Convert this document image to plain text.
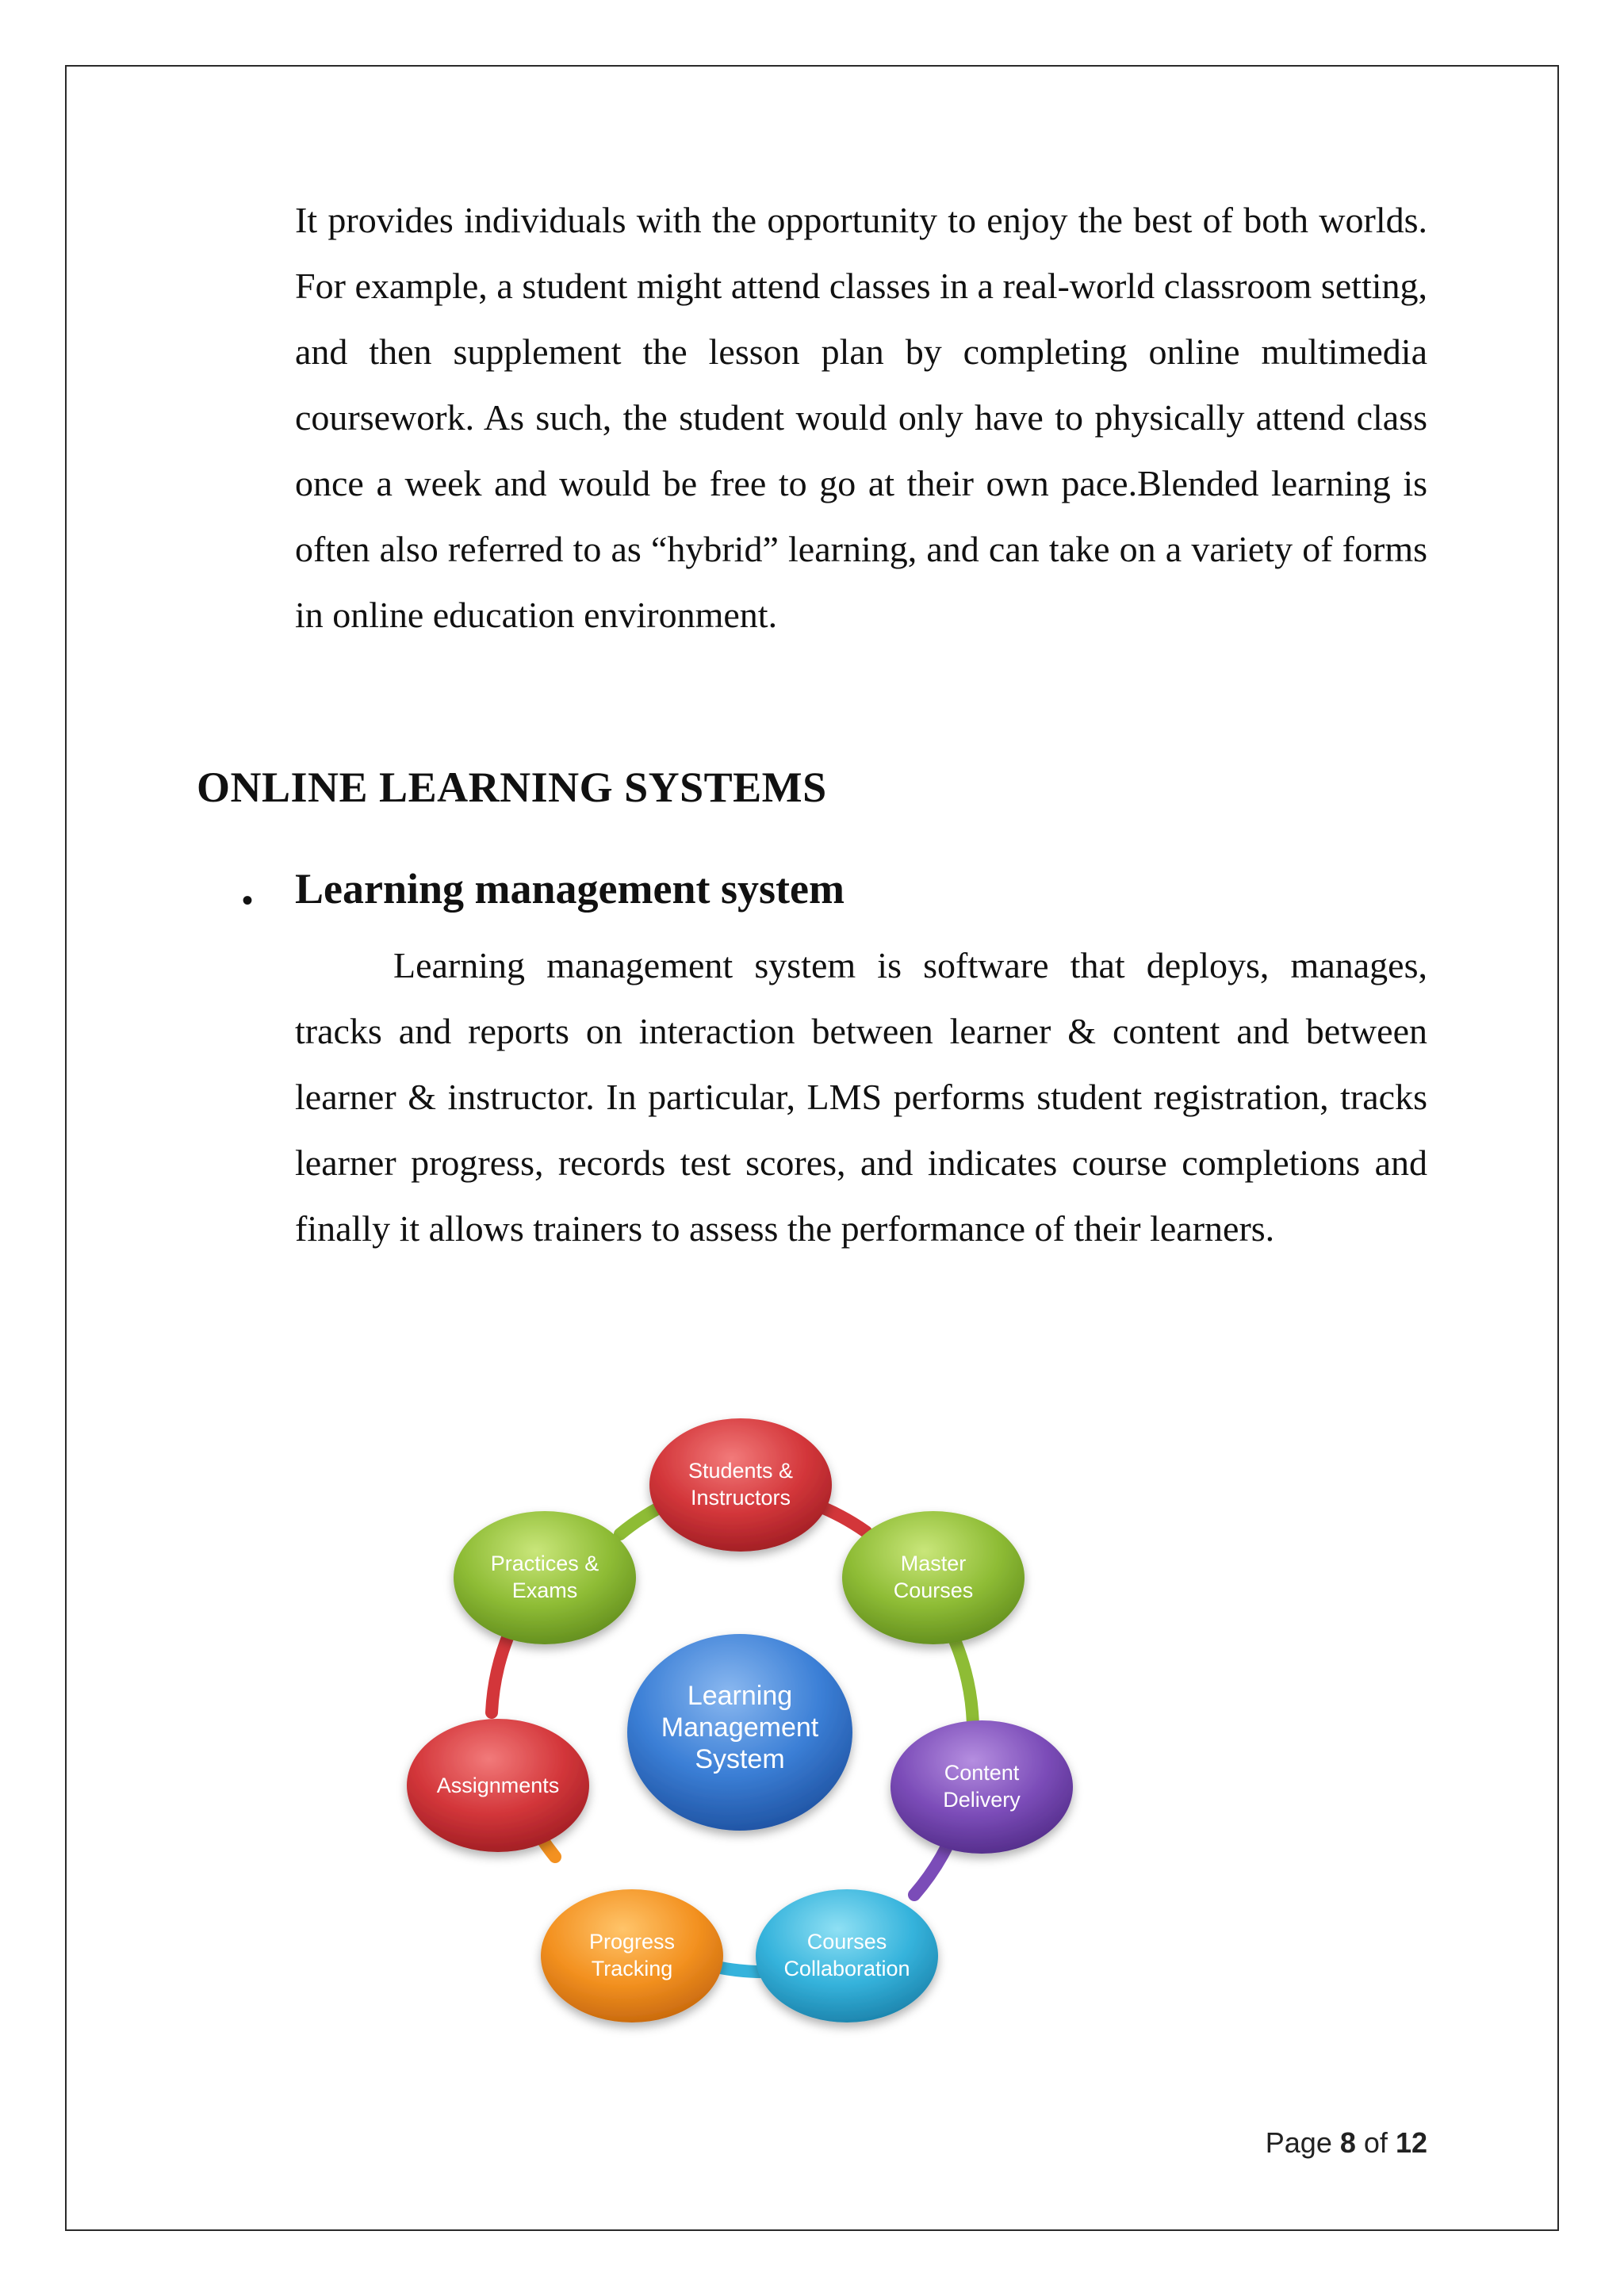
It provides individuals with the opportunity to enjoy the best of both worlds. For example, a student might attend classes in a real-world classroom setting, and then supplement the lesson plan by completing online multimedia coursework. As such, the student would only have to physically attend class once a week and would be free to go at their own pace.Blended learning is often also referred to as “hybrid” learning, and can take on a variety of forms in online education environment.

ONLINE LEARNING SYSTEMS
• Learning management system

Learning management system is software that deploys, manages, tracks and reports on interaction between learner & content and between learner & instructor. In particular, LMS performs student registration, tracks learner progress, records test scores, and indicates course completions and finally it allows trainers to assess the performance of their learners.

Students &
Instructors
Master
Courses
Content
Delivery
Courses
Collaboration
Progress
Tracking
Assignments
Practices &
Exams
Learning
Management
System
Page 8 of 12
